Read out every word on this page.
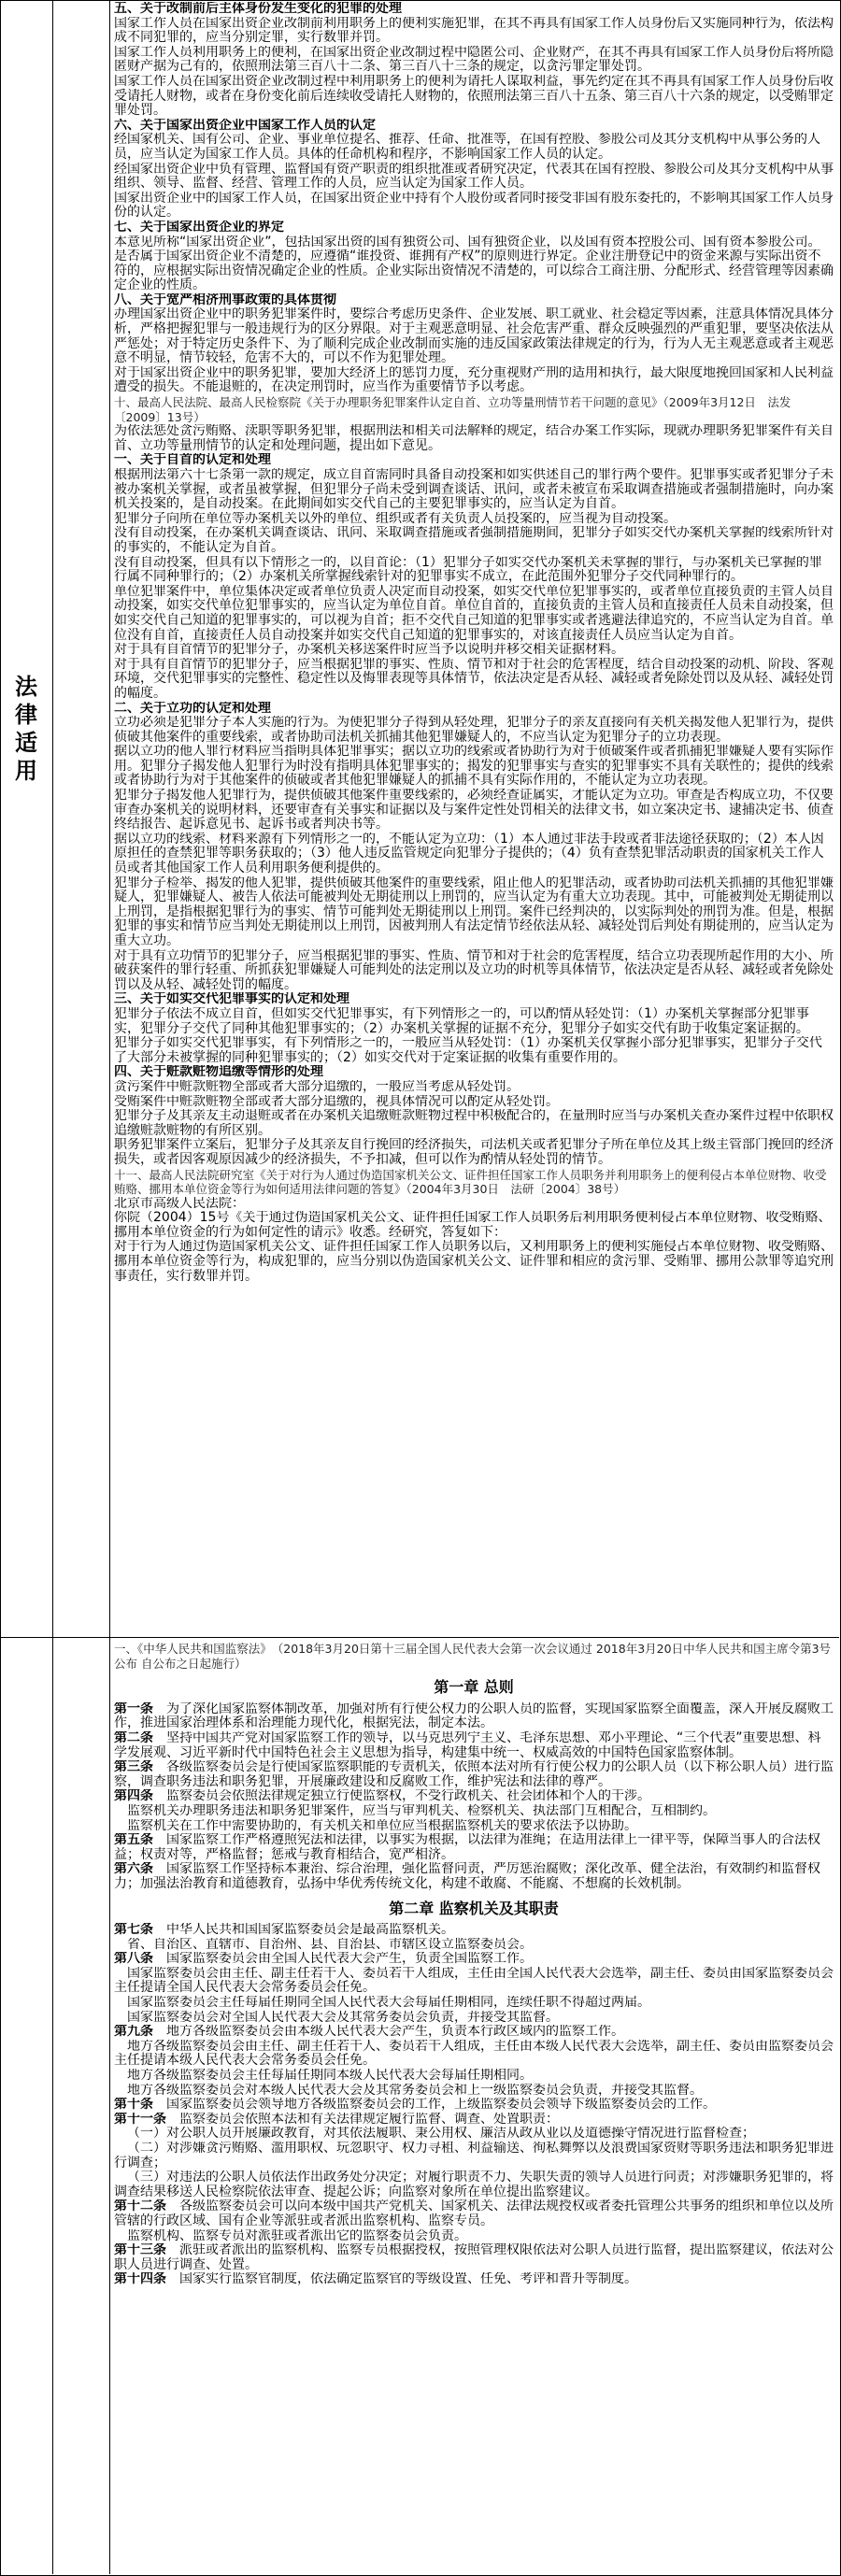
法律适用

五、关于改制前后主体身份发生变化的犯罪的处理

国家工作人员在国家出资企业改制前利用职务上的便利实施犯罪，在其不再具有国家工作人员身份后又实施同种行为，依法构成不同犯罪的，应当分别定罪，实行数罪并罚。

国家工作人员利用职务上的便利，在国家出资企业改制过程中隐匿公司、企业财产，在其不再具有国家工作人员身份后将所隐匿财产据为己有的，依照刑法第三百八十二条、第三百八十三条的规定，以贪污罪定罪处罚。

国家工作人员在国家出资企业改制过程中利用职务上的便利为请托人谋取利益，事先约定在其不再具有国家工作人员身份后收受请托人财物，或者在身份变化前后连续收受请托人财物的，依照刑法第三百八十五条、第三百八十六条的规定，以受贿罪定罪处罚。

六、关于国家出资企业中国家工作人员的认定

经国家机关、国有公司、企业、事业单位提名、推荐、任命、批准等，在国有控股、参股公司及其分支机构中从事公务的人员，应当认定为国家工作人员。具体的任命机构和程序，不影响国家工作人员的认定。

经国家出资企业中负有管理、监督国有资产职责的组织批准或者研究决定，代表其在国有控股、参股公司及其分支机构中从事组织、领导、监督、经营、管理工作的人员，应当认定为国家工作人员。

国家出资企业中的国家工作人员，在国家出资企业中持有个人股份或者同时接受非国有股东委托的，不影响其国家工作人员身份的认定。

七、关于国家出资企业的界定

本意见所称“国家出资企业”，包括国家出资的国有独资公司、国有独资企业，以及国有资本控股公司、国有资本参股公司。

是否属于国家出资企业不清楚的，应遵循“谁投资、谁拥有产权”的原则进行界定。企业注册登记中的资金来源与实际出资不符的，应根据实际出资情况确定企业的性质。企业实际出资情况不清楚的，可以综合工商注册、分配形式、经营管理等因素确定企业的性质。

八、关于宽严相济刑事政策的具体贯彻

办理国家出资企业中的职务犯罪案件时，要综合考虑历史条件、企业发展、职工就业、社会稳定等因素，注意具体情况具体分析，严格把握犯罪与一般违规行为的区分界限。对于主观恶意明显、社会危害严重、群众反映强烈的严重犯罪，要坚决依法从严惩处；对于特定历史条件下、为了顺利完成企业改制而实施的违反国家政策法律规定的行为，行为人无主观恶意或者主观恶意不明显，情节较轻，危害不大的，可以不作为犯罪处理。

对于国家出资企业中的职务犯罪，要加大经济上的惩罚力度，充分重视财产刑的适用和执行，最大限度地挽回国家和人民利益遭受的损失。不能退赃的，在决定刑罚时，应当作为重要情节予以考虑。

十、最高人民法院、最高人民检察院《关于办理职务犯罪案件认定自首、立功等量刑情节若干问题的意见》（2009年3月12日　法发〔2009〕13号）

为依法惩处贪污贿赂、渎职等职务犯罪，根据刑法和相关司法解释的规定，结合办案工作实际，现就办理职务犯罪案件有关自首、立功等量刑情节的认定和处理问题，提出如下意见。

一、关于自首的认定和处理

根据刑法第六十七条第一款的规定，成立自首需同时具备自动投案和如实供述自己的罪行两个要件。犯罪事实或者犯罪分子未被办案机关掌握，或者虽被掌握，但犯罪分子尚未受到调查谈话、讯问，或者未被宣布采取调查措施或者强制措施时，向办案机关投案的，是自动投案。在此期间如实交代自己的主要犯罪事实的，应当认定为自首。

犯罪分子向所在单位等办案机关以外的单位、组织或者有关负责人员投案的，应当视为自动投案。

没有自动投案，在办案机关调查谈话、讯问、采取调查措施或者强制措施期间，犯罪分子如实交代办案机关掌握的线索所针对的事实的，不能认定为自首。

没有自动投案，但具有以下情形之一的，以自首论：（1）犯罪分子如实交代办案机关未掌握的罪行，与办案机关已掌握的罪行属不同种罪行的；（2）办案机关所掌握线索针对的犯罪事实不成立，在此范围外犯罪分子交代同种罪行的。

单位犯罪案件中，单位集体决定或者单位负责人决定而自动投案，如实交代单位犯罪事实的，或者单位直接负责的主管人员自动投案，如实交代单位犯罪事实的，应当认定为单位自首。单位自首的，直接负责的主管人员和直接责任人员未自动投案，但如实交代自己知道的犯罪事实的，可以视为自首；拒不交代自己知道的犯罪事实或者逃避法律追究的，不应当认定为自首。单位没有自首，直接责任人员自动投案并如实交代自己知道的犯罪事实的，对该直接责任人员应当认定为自首。

对于具有自首情节的犯罪分子，办案机关移送案件时应当予以说明并移交相关证据材料。

对于具有自首情节的犯罪分子，应当根据犯罪的事实、性质、情节和对于社会的危害程度，结合自动投案的动机、阶段、客观环境，交代犯罪事实的完整性、稳定性以及悔罪表现等具体情节，依法决定是否从轻、减轻或者免除处罚以及从轻、减轻处罚的幅度。

二、关于立功的认定和处理

立功必须是犯罪分子本人实施的行为。为使犯罪分子得到从轻处理，犯罪分子的亲友直接向有关机关揭发他人犯罪行为，提供侦破其他案件的重要线索，或者协助司法机关抓捕其他犯罪嫌疑人的，不应当认定为犯罪分子的立功表现。

据以立功的他人罪行材料应当指明具体犯罪事实；据以立功的线索或者协助行为对于侦破案件或者抓捕犯罪嫌疑人要有实际作用。犯罪分子揭发他人犯罪行为时没有指明具体犯罪事实的；揭发的犯罪事实与查实的犯罪事实不具有关联性的；提供的线索或者协助行为对于其他案件的侦破或者其他犯罪嫌疑人的抓捕不具有实际作用的，不能认定为立功表现。

犯罪分子揭发他人犯罪行为，提供侦破其他案件重要线索的，必须经查证属实，才能认定为立功。审查是否构成立功，不仅要审查办案机关的说明材料，还要审查有关事实和证据以及与案件定性处罚相关的法律文书，如立案决定书、逮捕决定书、侦查终结报告、起诉意见书、起诉书或者判决书等。

据以立功的线索、材料来源有下列情形之一的，不能认定为立功：（1）本人通过非法手段或者非法途径获取的；（2）本人因原担任的查禁犯罪等职务获取的；（3）他人违反监管规定向犯罪分子提供的；（4）负有查禁犯罪活动职责的国家机关工作人员或者其他国家工作人员利用职务便利提供的。

犯罪分子检举、揭发的他人犯罪，提供侦破其他案件的重要线索，阻止他人的犯罪活动，或者协助司法机关抓捕的其他犯罪嫌疑人，犯罪嫌疑人、被告人依法可能被判处无期徒刑以上刑罚的，应当认定为有重大立功表现。其中，可能被判处无期徒刑以上刑罚，是指根据犯罪行为的事实、情节可能判处无期徒刑以上刑罚。案件已经判决的，以实际判处的刑罚为准。但是，根据犯罪的事实和情节应当判处无期徒刑以上刑罚，因被判刑人有法定情节经依法从轻、减轻处罚后判处有期徒刑的，应当认定为重大立功。

对于具有立功情节的犯罪分子，应当根据犯罪的事实、性质、情节和对于社会的危害程度，结合立功表现所起作用的大小、所破获案件的罪行轻重、所抓获犯罪嫌疑人可能判处的法定刑以及立功的时机等具体情节，依法决定是否从轻、减轻或者免除处罚以及从轻、减轻处罚的幅度。

三、关于如实交代犯罪事实的认定和处理

犯罪分子依法不成立自首，但如实交代犯罪事实，有下列情形之一的，可以酌情从轻处罚：（1）办案机关掌握部分犯罪事实，犯罪分子交代了同种其他犯罪事实的；（2）办案机关掌握的证据不充分，犯罪分子如实交代有助于收集定案证据的。

犯罪分子如实交代犯罪事实，有下列情形之一的，一般应当从轻处罚：（1）办案机关仅掌握小部分犯罪事实，犯罪分子交代了大部分未被掌握的同种犯罪事实的；（2）如实交代对于定案证据的收集有重要作用的。

四、关于赃款赃物追缴等情形的处理

贪污案件中赃款赃物全部或者大部分追缴的，一般应当考虑从轻处罚。

受贿案件中赃款赃物全部或者大部分追缴的，视具体情况可以酌定从轻处罚。

犯罪分子及其亲友主动退赃或者在办案机关追缴赃款赃物过程中积极配合的，在量刑时应当与办案机关查办案件过程中依职权追缴赃款赃物的有所区别。

职务犯罪案件立案后，犯罪分子及其亲友自行挽回的经济损失，司法机关或者犯罪分子所在单位及其上级主管部门挽回的经济损失，或者因客观原因减少的经济损失，不予扣减，但可以作为酌情从轻处罚的情节。

十一、最高人民法院研究室《关于对行为人通过伪造国家机关公文、证件担任国家工作人员职务并利用职务上的便利侵占本单位财物、收受贿赂、挪用本单位资金等行为如何适用法律问题的答复》（2004年3月30日　法研〔2004〕38号）

北京市高级人民法院：

你院（2004）15号《关于通过伪造国家机关公文、证件担任国家工作人员职务后利用职务便利侵占本单位财物、收受贿赂、挪用本单位资金的行为如何定性的请示》收悉。经研究，答复如下：

对于行为人通过伪造国家机关公文、证件担任国家工作人员职务以后，又利用职务上的便利实施侵占本单位财物、收受贿赂、挪用本单位资金等行为，构成犯罪的，应当分别以伪造国家机关公文、证件罪和相应的贪污罪、受贿罪、挪用公款罪等追究刑事责任，实行数罪并罚。

一、《中华人民共和国监察法》　（2018年3月20日第十三届全国人民代表大会第一次会议通过 2018年3月20日中华人民共和国主席令第3号公布 自公布之日起施行）

第一章 总则

第一条　 为了深化国家监察体制改革，加强对所有行使公权力的公职人员的监督，实现国家监察全面覆盖，深入开展反腐败工作，推进国家治理体系和治理能力现代化，根据宪法，制定本法。

第二条　 坚持中国共产党对国家监察工作的领导，以马克思列宁主义、毛泽东思想、邓小平理论、“三个代表”重要思想、科学发展观、习近平新时代中国特色社会主义思想为指导，构建集中统一、权威高效的中国特色国家监察体制。

第三条　 各级监察委员会是行使国家监察职能的专责机关，依照本法对所有行使公权力的公职人员（以下称公职人员）进行监察，调查职务违法和职务犯罪，开展廉政建设和反腐败工作，维护宪法和法律的尊严。

第四条　 监察委员会依照法律规定独立行使监察权，不受行政机关、社会团体和个人的干涉。

监察机关办理职务违法和职务犯罪案件，应当与审判机关、检察机关、执法部门互相配合，互相制约。

监察机关在工作中需要协助的，有关机关和单位应当根据监察机关的要求依法予以协助。

第五条　 国家监察工作严格遵照宪法和法律，以事实为根据，以法律为准绳；在适用法律上一律平等，保障当事人的合法权益；权责对等，严格监督；惩戒与教育相结合，宽严相济。

第六条　 国家监察工作坚持标本兼治、综合治理，强化监督问责，严厉惩治腐败；深化改革、健全法治，有效制约和监督权力；加强法治教育和道德教育，弘扬中华优秀传统文化，构建不敢腐、不能腐、不想腐的长效机制。

第二章 监察机关及其职责

第七条　 中华人民共和国国家监察委员会是最高监察机关。

省、自治区、直辖市、自治州、县、自治县、市辖区设立监察委员会。

第八条　 国家监察委员会由全国人民代表大会产生，负责全国监察工作。

国家监察委员会由主任、副主任若干人、委员若干人组成，主任由全国人民代表大会选举，副主任、委员由国家监察委员会主任提请全国人民代表大会常务委员会任免。

国家监察委员会主任每届任期同全国人民代表大会每届任期相同，连续任职不得超过两届。

国家监察委员会对全国人民代表大会及其常务委员会负责，并接受其监督。

第九条　 地方各级监察委员会由本级人民代表大会产生，负责本行政区域内的监察工作。

地方各级监察委员会由主任、副主任若干人、委员若干人组成，主任由本级人民代表大会选举，副主任、委员由监察委员会主任提请本级人民代表大会常务委员会任免。

地方各级监察委员会主任每届任期同本级人民代表大会每届任期相同。

地方各级监察委员会对本级人民代表大会及其常务委员会和上一级监察委员会负责，并接受其监督。

第十条　 国家监察委员会领导地方各级监察委员会的工作，上级监察委员会领导下级监察委员会的工作。

第十一条　 监察委员会依照本法和有关法律规定履行监督、调查、处置职责：

（一）对公职人员开展廉政教育，对其依法履职、秉公用权、廉洁从政从业以及道德操守情况进行监督检查；

（二）对涉嫌贪污贿赂、滥用职权、玩忽职守、权力寻租、利益输送、徇私舞弊以及浪费国家资财等职务违法和职务犯罪进行调查；

（三）对违法的公职人员依法作出政务处分决定；对履行职责不力、失职失责的领导人员进行问责；对涉嫌职务犯罪的，将调查结果移送人民检察院依法审查、提起公诉；向监察对象所在单位提出监察建议。

第十二条　 各级监察委员会可以向本级中国共产党机关、国家机关、法律法规授权或者委托管理公共事务的组织和单位以及所管辖的行政区域、国有企业等派驻或者派出监察机构、监察专员。

监察机构、监察专员对派驻或者派出它的监察委员会负责。

第十三条　 派驻或者派出的监察机构、监察专员根据授权，按照管理权限依法对公职人员进行监督，提出监察建议，依法对公职人员进行调查、处置。

第十四条　 国家实行监察官制度，依法确定监察官的等级设置、任免、考评和晋升等制度。
